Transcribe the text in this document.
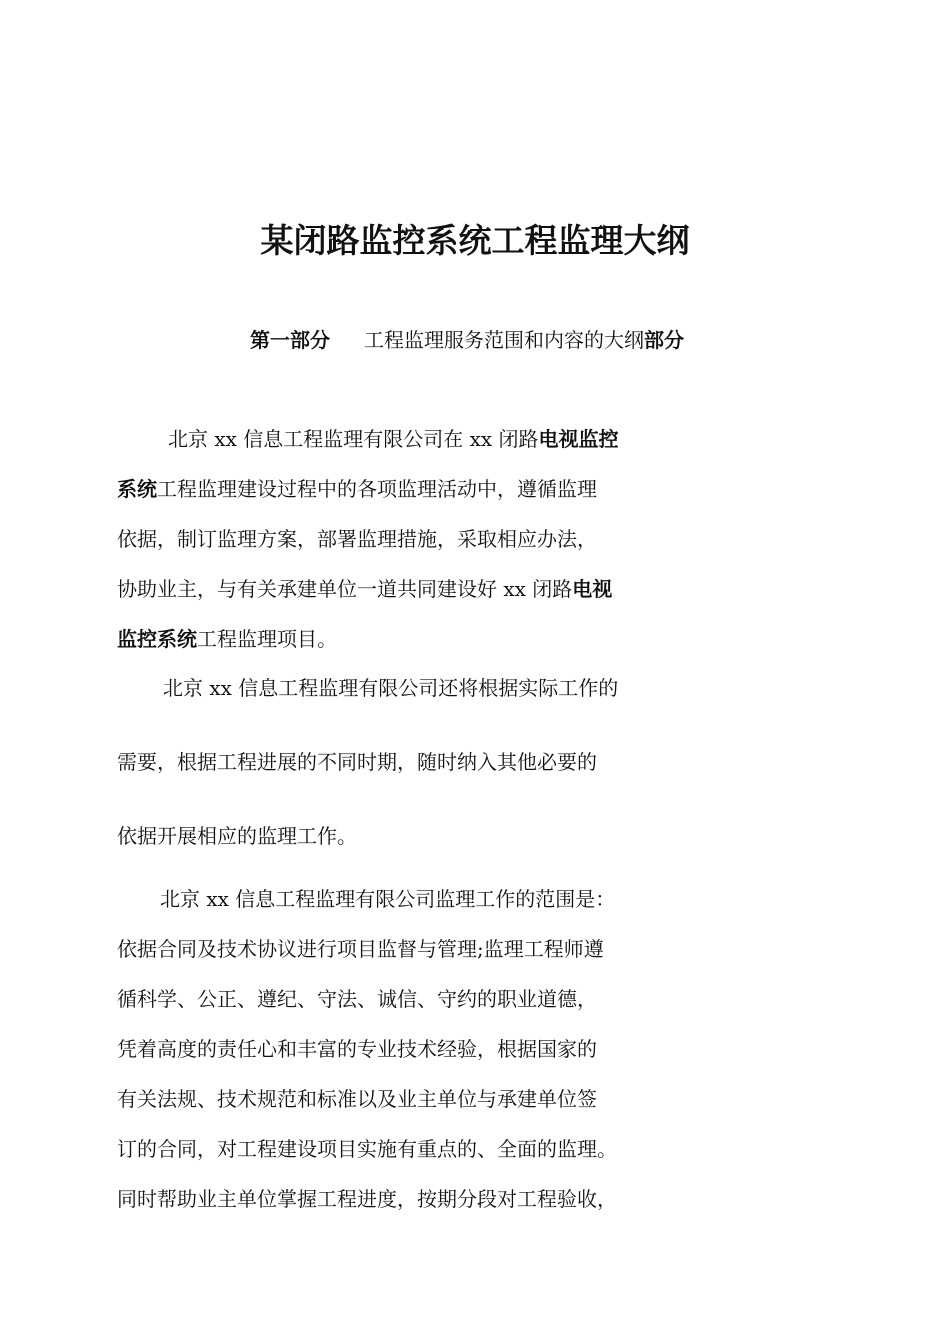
某闭路监控系统工程监理大纲
第一部分 工程监理服务范围和内容的大纲部分
北京 xx 信息工程监理有限公司在 xx 闭路电视监控
系统工程监理建设过程中的各项监理活动中，遵循监理
依据，制订监理方案，部署监理措施，采取相应办法，
协助业主，与有关承建单位一道共同建设好 xx 闭路电视
监控系统工程监理项目。
北京 xx 信息工程监理有限公司还将根据实际工作的
需要，根据工程进展的不同时期，随时纳入其他必要的
依据开展相应的监理工作。
北京 xx 信息工程监理有限公司监理工作的范围是：
依据合同及技术协议进行项目监督与管理;监理工程师遵
循科学、公正、遵纪、守法、诚信、守约的职业道德，
凭着高度的责任心和丰富的专业技术经验，根据国家的
有关法规、技术规范和标准以及业主单位与承建单位签
订的合同，对工程建设项目实施有重点的、全面的监理。
同时帮助业主单位掌握工程进度，按期分段对工程验收，
